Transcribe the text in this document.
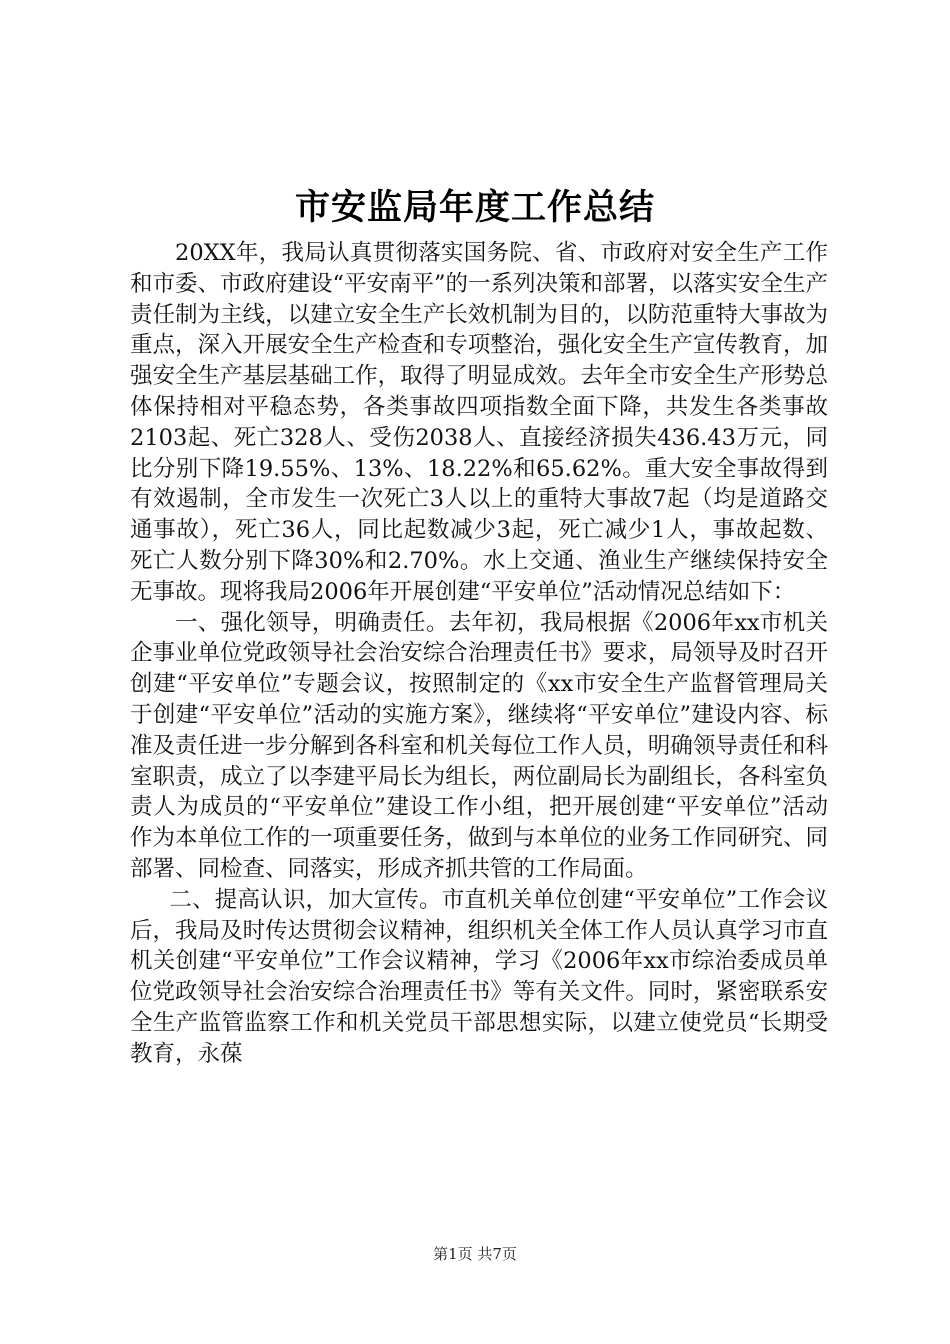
市安监局年度工作总结

20XX年，我局认真贯彻落实国务院、省、市政府对安全生产工作和市委、市政府建设“平安南平”的一系列决策和部署，以落实安全生产责任制为主线，以建立安全生产长效机制为目的，以防范重特大事故为重点，深入开展安全生产检查和专项整治，强化安全生产宣传教育，加强安全生产基层基础工作，取得了明显成效。去年全市安全生产形势总体保持相对平稳态势，各类事故四项指数全面下降，共发生各类事故2103起、死亡328人、受伤2038人、直接经济损失436.43万元，同比分别下降19.55%、13%、18.22%和65.62%。重大安全事故得到有效遏制，全市发生一次死亡3人以上的重特大事故7起（均是道路交通事故），死亡36人，同比起数减少3起，死亡减少1人，事故起数、死亡人数分别下降30%和2.70%。水上交通、渔业生产继续保持安全无事故。现将我局2006年开展创建“平安单位”活动情况总结如下：

一、强化领导，明确责任。去年初，我局根据《2006年xx市机关企事业单位党政领导社会治安综合治理责任书》要求，局领导及时召开创建“平安单位”专题会议，按照制定的《xx市安全生产监督管理局关于创建“平安单位”活动的实施方案》，继续将“平安单位”建设内容、标准及责任进一步分解到各科室和机关每位工作人员，明确领导责任和科室职责，成立了以李建平局长为组长，两位副局长为副组长，各科室负责人为成员的“平安单位”建设工作小组，把开展创建“平安单位”活动作为本单位工作的一项重要任务，做到与本单位的业务工作同研究、同部署、同检查、同落实，形成齐抓共管的工作局面。

二、提高认识，加大宣传。市直机关单位创建“平安单位”工作会议后，我局及时传达贯彻会议精神，组织机关全体工作人员认真学习市直机关创建“平安单位”工作会议精神，学习《2006年xx市综治委成员单位党政领导社会治安综合治理责任书》等有关文件。同时，紧密联系安全生产监管监察工作和机关党员干部思想实际，以建立使党员“长期受教育，永葆

第1页 共7页
